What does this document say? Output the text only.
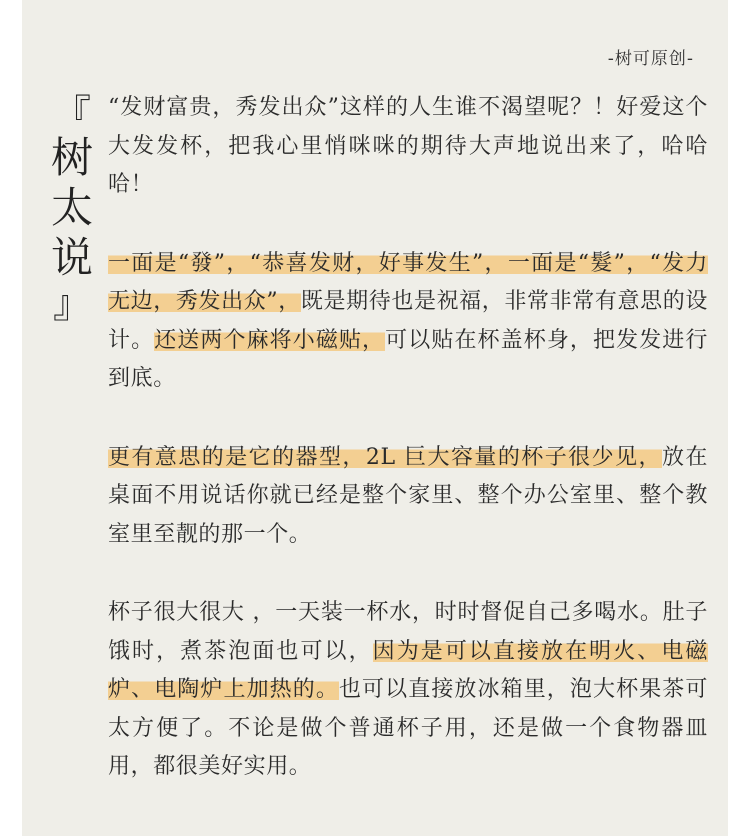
-树可原创-
『
树
太
说
』

“发财富贵，秀发出众”这样的人生谁不渴望呢？！好爱这个大发发杯，把我心里悄咪咪的期待大声地说出来了，哈哈哈！

一面是“發”，“恭喜发财，好事发生”，一面是“髮”，“发力无边，秀发出众”，既是期待也是祝福，非常非常有意思的设计。还送两个麻将小磁贴，可以贴在杯盖杯身，把发发进行到底。

更有意思的是它的器型，2L 巨大容量的杯子很少见，放在桌面不用说话你就已经是整个家里、整个办公室里、整个教室里至靓的那一个。

杯子很大很大 ，一天装一杯水，时时督促自己多喝水。肚子饿时，煮茶泡面也可以，因为是可以直接放在明火、电磁炉、电陶炉上加热的。也可以直接放冰箱里，泡大杯果茶可太方便了。不论是做个普通杯子用，还是做一个食物器皿用，都很美好实用。
